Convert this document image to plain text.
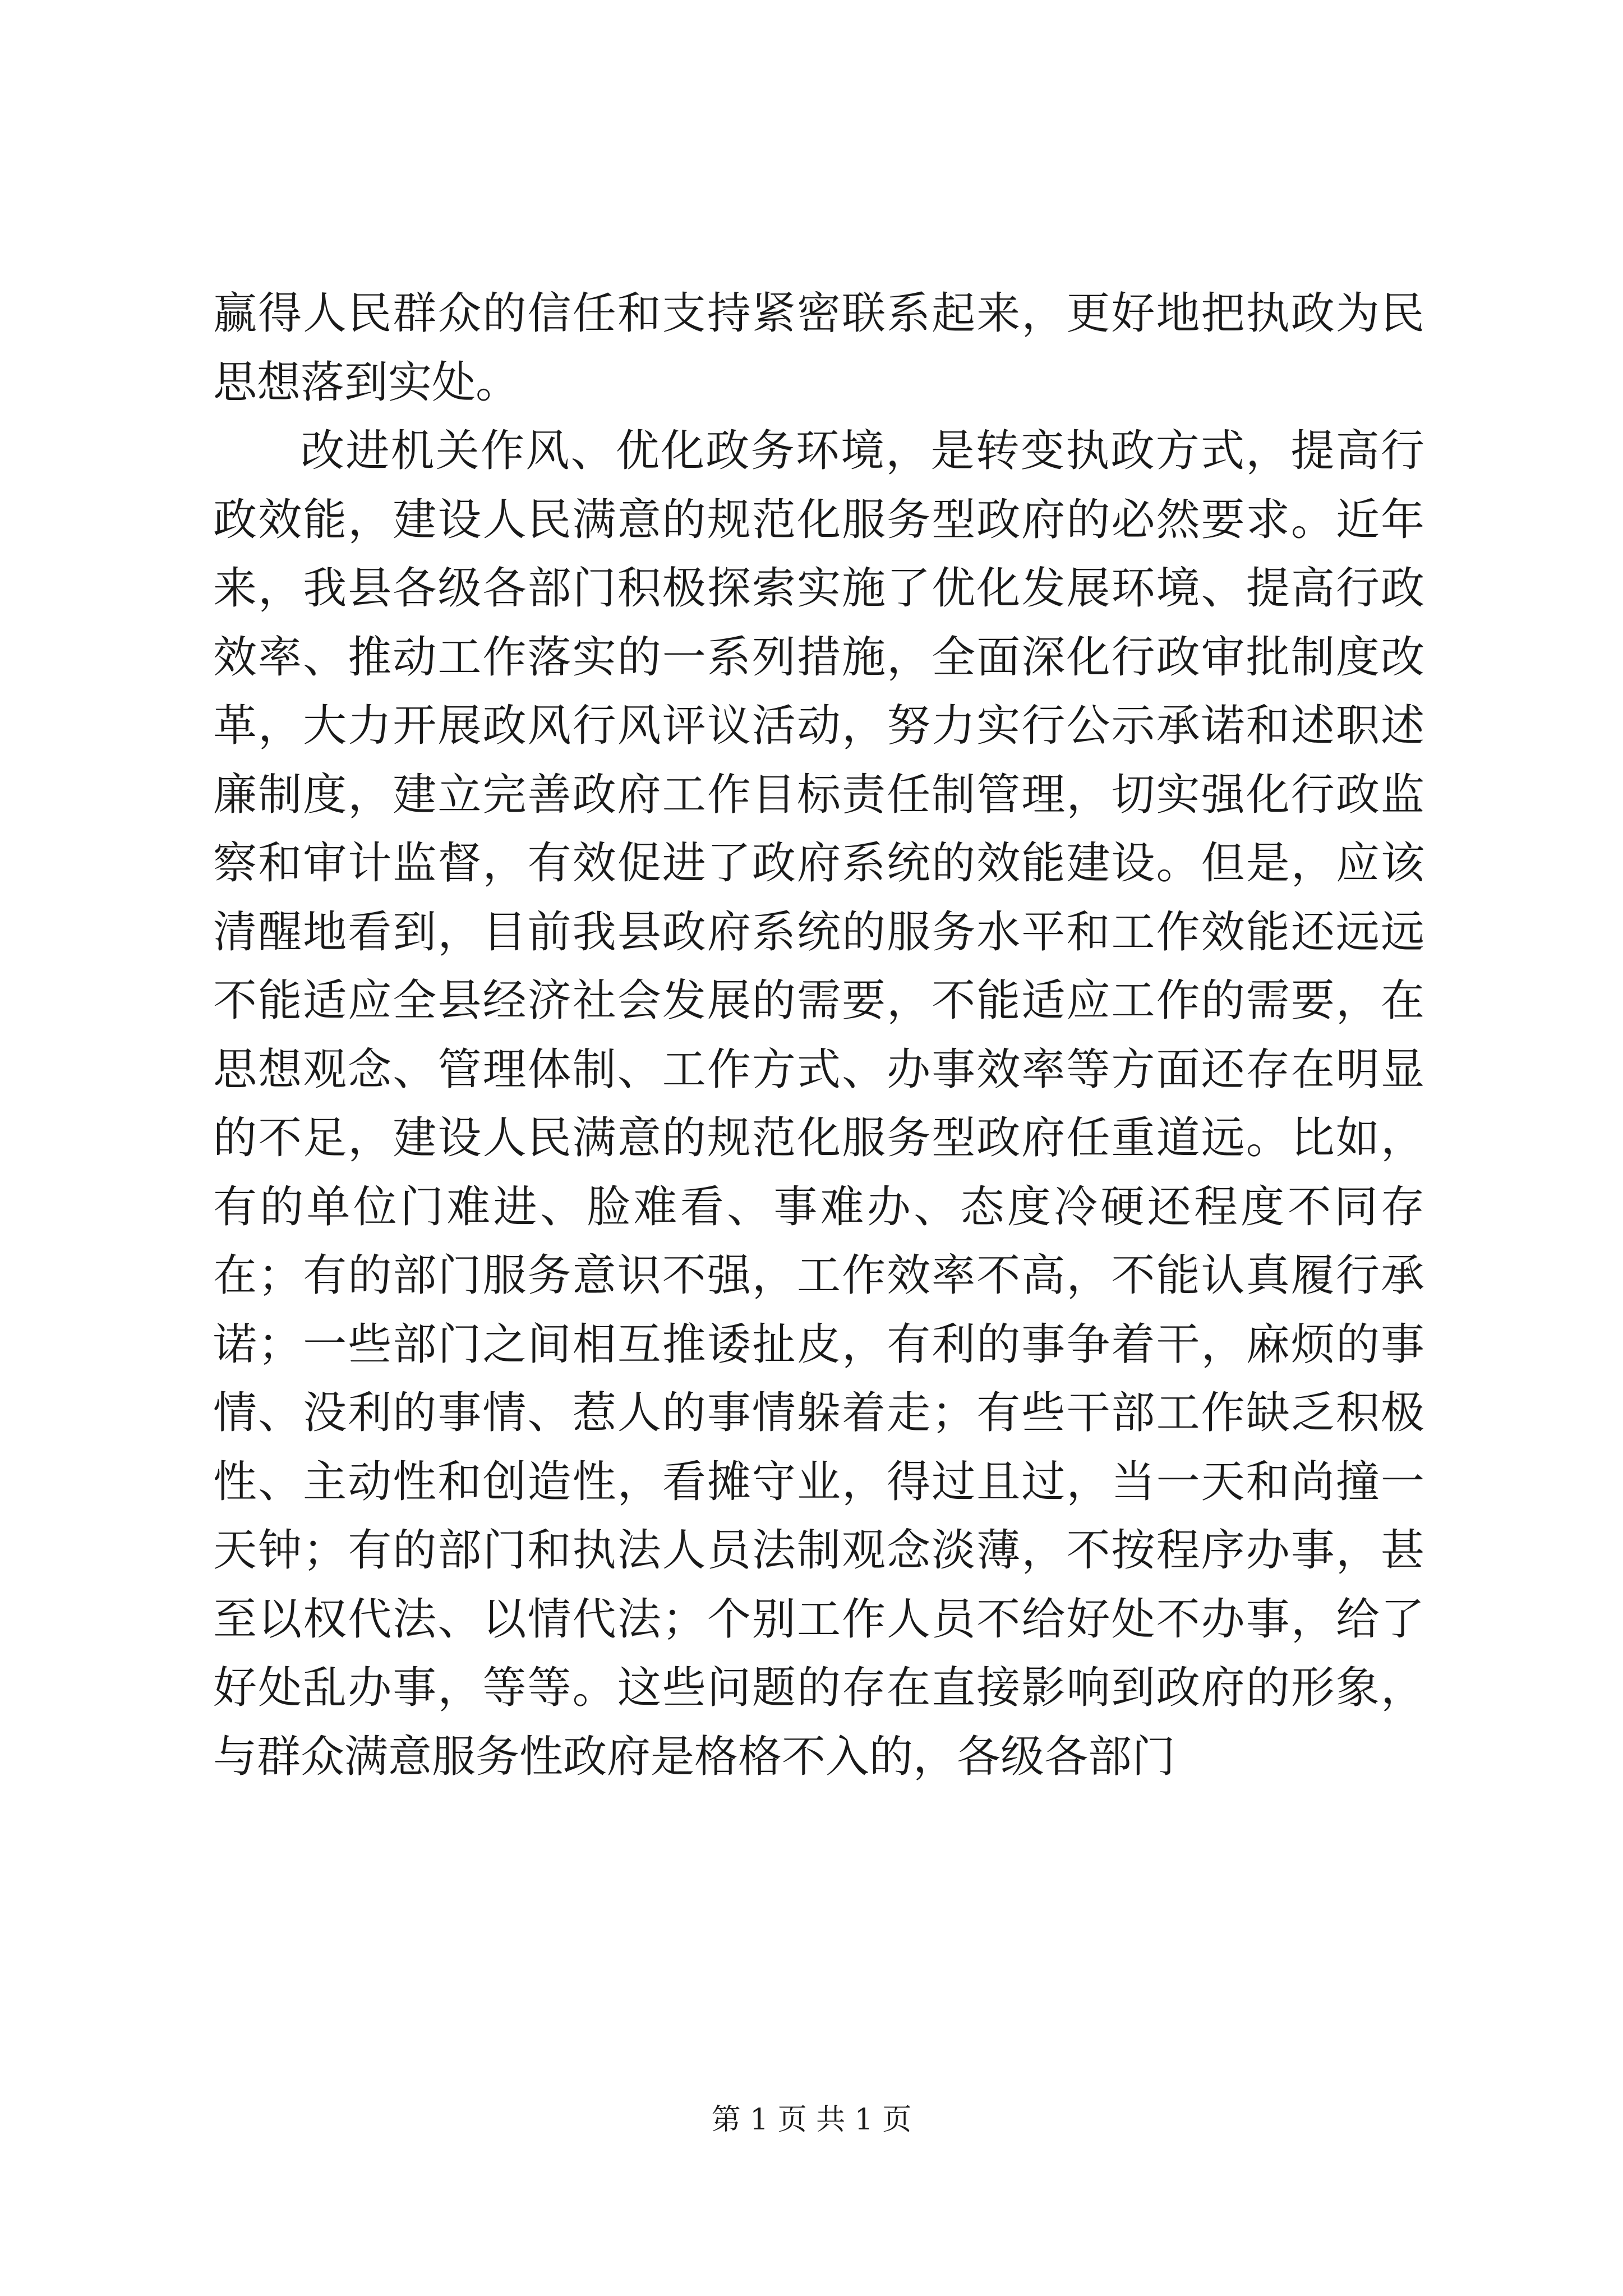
赢得人民群众的信任和支持紧密联系起来，更好地把执政为民思想落到实处。

改进机关作风、优化政务环境，是转变执政方式，提高行政效能，建设人民满意的规范化服务型政府的必然要求。近年来，我县各级各部门积极探索实施了优化发展环境、提高行政效率、推动工作落实的一系列措施，全面深化行政审批制度改革，大力开展政风行风评议活动，努力实行公示承诺和述职述廉制度，建立完善政府工作目标责任制管理，切实强化行政监察和审计监督，有效促进了政府系统的效能建设。但是，应该清醒地看到，目前我县政府系统的服务水平和工作效能还远远不能适应全县经济社会发展的需要，不能适应工作的需要，在思想观念、管理体制、工作方式、办事效率等方面还存在明显的不足，建设人民满意的规范化服务型政府任重道远。比如，有的单位门难进、脸难看、事难办、态度冷硬还程度不同存在；有的部门服务意识不强，工作效率不高，不能认真履行承诺；一些部门之间相互推诿扯皮，有利的事争着干，麻烦的事情、没利的事情、惹人的事情躲着走；有些干部工作缺乏积极性、主动性和创造性，看摊守业，得过且过，当一天和尚撞一天钟；有的部门和执法人员法制观念淡薄，不按程序办事，甚至以权代法、以情代法；个别工作人员不给好处不办事，给了好处乱办事，等等。这些问题的存在直接影响到政府的形象，与群众满意服务性政府是格格不入的，各级各部门

第 1 页 共 1 页
